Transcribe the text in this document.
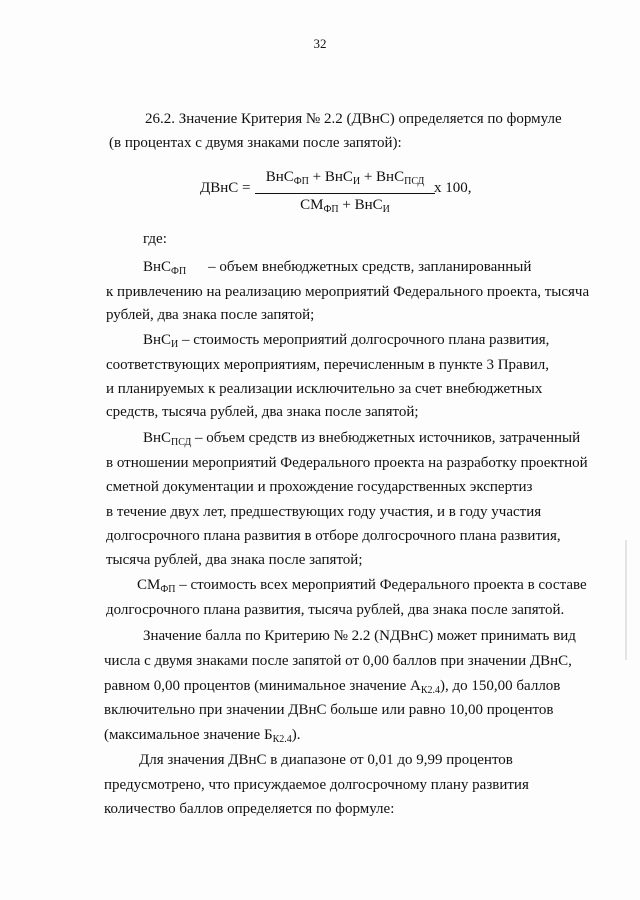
32

26.2. Значение Критерия № 2.2 (ДВнС) определяется по формуле

(в процентах с двумя знаками после запятой):

ДВнС =
ВнС$_{ФП}$ + ВнС$_И$ + ВнС$_{ПСД}$
$СМ_{ФП} + ВнС_И$
х 100,

где:

ВнС$_{ФП}$ – объем внебюджетных средств, запланированный

к привлечению на реализацию мероприятий Федерального проекта, тысяча

рублей, два знака после запятой;

ВнС$_И$ – стоимость мероприятий долгосрочного плана развития,

соответствующих мероприятиям, перечисленным в пункте 3 Правил,

и планируемых к реализации исключительно за счет внебюджетных

средств, тысяча рублей, два знака после запятой;

ВнС$_{ПСД}$ – объем средств из внебюджетных источников, затраченный

в отношении мероприятий Федерального проекта на разработку проектной

сметной документации и прохождение государственных экспертиз

в течение двух лет, предшествующих году участия, и в году участия

долгосрочного плана развития в отборе долгосрочного плана развития,

тысяча рублей, два знака после запятой;

$СМ_{ФП}$ – стоимость всех мероприятий Федерального проекта в составе

долгосрочного плана развития, тысяча рублей, два знака после запятой.

Значение балла по Критерию № 2.2 (NДВнС) может принимать вид

числа с двумя знаками после запятой от 0,00 баллов при значении ДВнС,

равном 0,00 процентов (минимальное значение $А_{К2.4}$), до 150,00 баллов

включительно при значении ДВнС больше или равно 10,00 процентов

(максимальное значение $Б_{К2.4}$).

Для значения ДВнС в диапазоне от 0,01 до 9,99 процентов

предусмотрено, что присуждаемое долгосрочному плану развития

количество баллов определяется по формуле:
